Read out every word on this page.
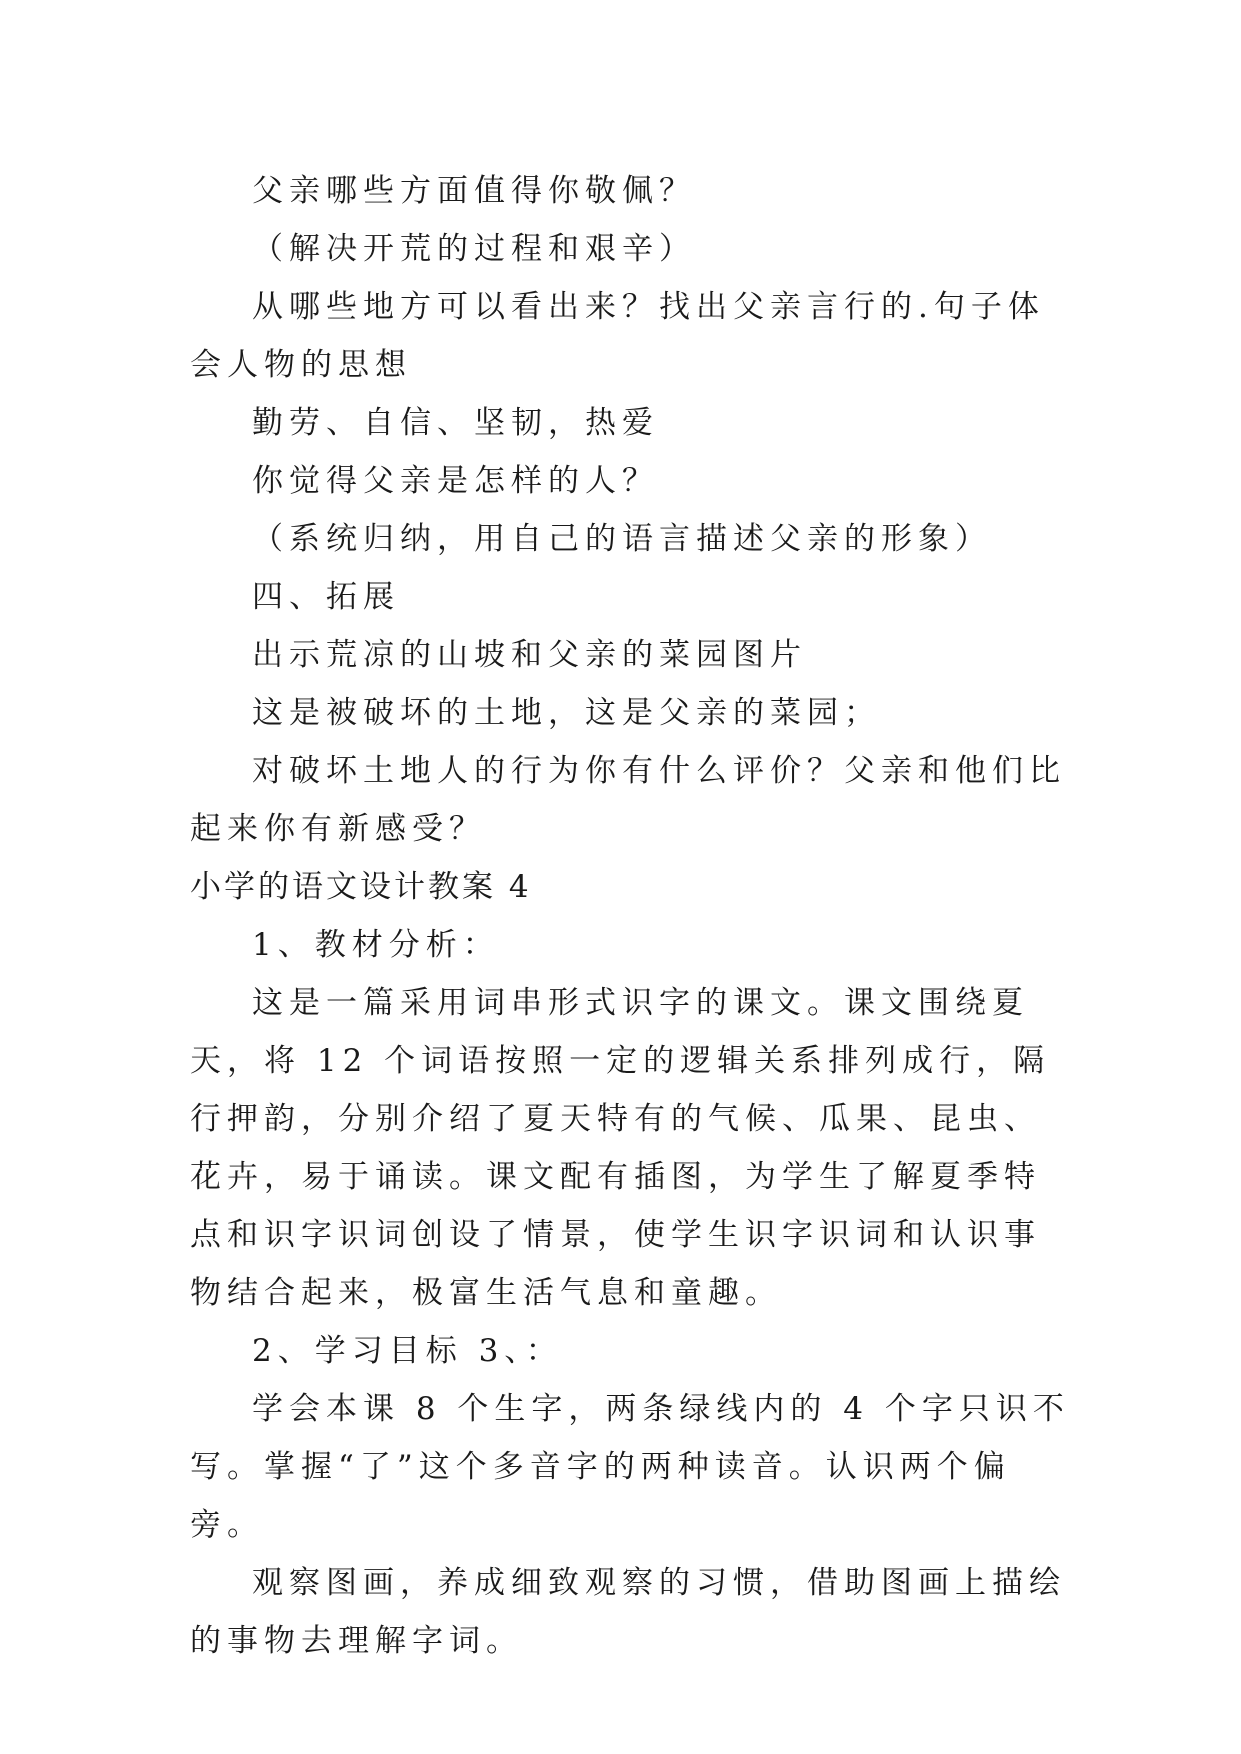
父亲哪些方面值得你敬佩？

（解决开荒的过程和艰辛）

从哪些地方可以看出来？找出父亲言行的.句子体会人物的思想

勤劳、自信、坚韧，热爱

你觉得父亲是怎样的人？

（系统归纳，用自己的语言描述父亲的形象）

四、拓展

出示荒凉的山坡和父亲的菜园图片

这是被破坏的土地，这是父亲的菜园；

对破坏土地人的行为你有什么评价？父亲和他们比起来你有新感受？

小学的语文设计教案 4

1、教材分析：

这是一篇采用词串形式识字的课文。课文围绕夏天，将 12 个词语按照一定的逻辑关系排列成行，隔行押韵，分别介绍了夏天特有的气候、瓜果、昆虫、花卉，易于诵读。课文配有插图，为学生了解夏季特点和识字识词创设了情景，使学生识字识词和认识事物结合起来，极富生活气息和童趣。

2、学习目标 3、：

学会本课 8 个生字，两条绿线内的 4 个字只识不写。掌握“了”这个多音字的两种读音。认识两个偏旁。

观察图画，养成细致观察的习惯，借助图画上描绘的事物去理解字词。
